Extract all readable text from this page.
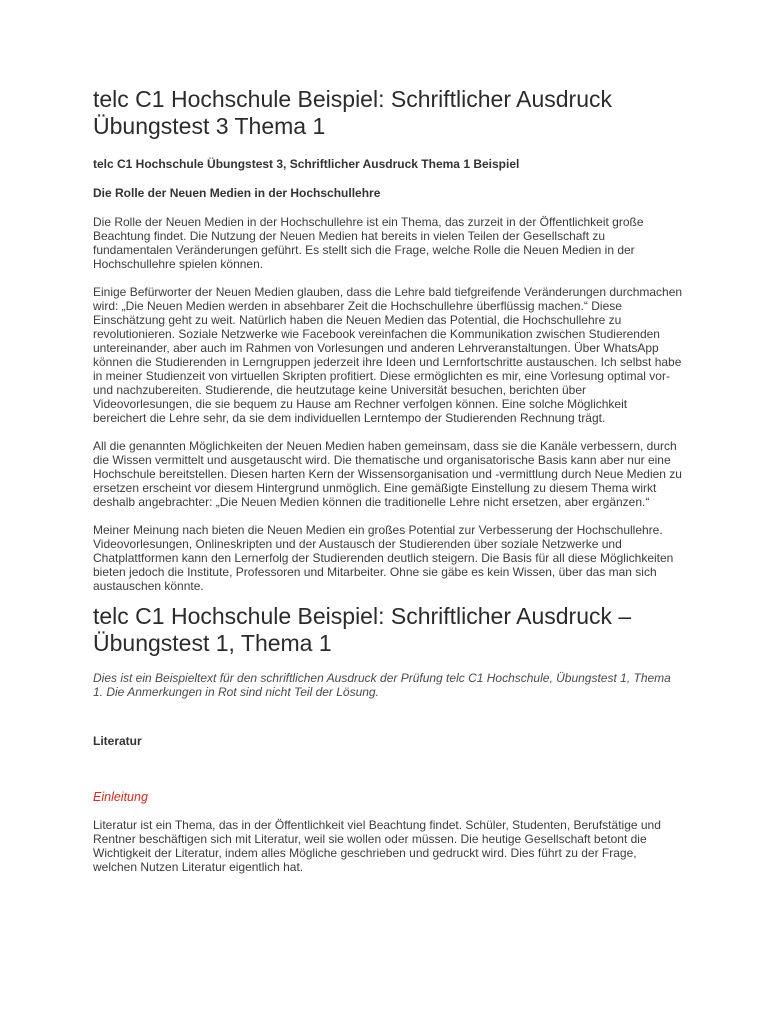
telc C1 Hochschule Beispiel: Schriftlicher Ausdruck Übungstest 3 Thema 1

telc C1 Hochschule Übungstest 3, Schriftlicher Ausdruck Thema 1 Beispiel

Die Rolle der Neuen Medien in der Hochschullehre

Die Rolle der Neuen Medien in der Hochschullehre ist ein Thema, das zurzeit in der Öffentlichkeit große Beachtung findet. Die Nutzung der Neuen Medien hat bereits in vielen Teilen der Gesellschaft zu fundamentalen Veränderungen geführt. Es stellt sich die Frage, welche Rolle die Neuen Medien in der Hochschullehre spielen können.

Einige Befürworter der Neuen Medien glauben, dass die Lehre bald tiefgreifende Veränderungen durchmachen wird: „Die Neuen Medien werden in absehbarer Zeit die Hochschullehre überflüssig machen.“ Diese Einschätzung geht zu weit. Natürlich haben die Neuen Medien das Potential, die Hochschullehre zu revolutionieren. Soziale Netzwerke wie Facebook vereinfachen die Kommunikation zwischen Studierenden untereinander, aber auch im Rahmen von Vorlesungen und anderen Lehrveranstaltungen. Über WhatsApp können die Studierenden in Lerngruppen jederzeit ihre Ideen und Lernfortschritte austauschen. Ich selbst habe in meiner Studienzeit von virtuellen Skripten profitiert. Diese ermöglichten es mir, eine Vorlesung optimal vor- und nachzubereiten. Studierende, die heutzutage keine Universität besuchen, berichten über Videovorlesungen, die sie bequem zu Hause am Rechner verfolgen können. Eine solche Möglichkeit bereichert die Lehre sehr, da sie dem individuellen Lerntempo der Studierenden Rechnung trägt.

All die genannten Möglichkeiten der Neuen Medien haben gemeinsam, dass sie die Kanäle verbessern, durch die Wissen vermittelt und ausgetauscht wird. Die thematische und organisatorische Basis kann aber nur eine Hochschule bereitstellen. Diesen harten Kern der Wissensorganisation und -vermittlung durch Neue Medien zu ersetzen erscheint vor diesem Hintergrund unmöglich. Eine gemäßigte Einstellung zu diesem Thema wirkt deshalb angebrachter: „Die Neuen Medien können die traditionelle Lehre nicht ersetzen, aber ergänzen.“

Meiner Meinung nach bieten die Neuen Medien ein großes Potential zur Verbesserung der Hochschullehre. Videovorlesungen, Onlineskripten und der Austausch der Studierenden über soziale Netzwerke und Chatplattformen kann den Lernerfolg der Studierenden deutlich steigern. Die Basis für all diese Möglichkeiten bieten jedoch die Institute, Professoren und Mitarbeiter. Ohne sie gäbe es kein Wissen, über das man sich austauschen könnte.

telc C1 Hochschule Beispiel: Schriftlicher Ausdruck – Übungstest 1, Thema 1

Dies ist ein Beispieltext für den schriftlichen Ausdruck der Prüfung telc C1 Hochschule, Übungstest 1, Thema 1. Die Anmerkungen in Rot sind nicht Teil der Lösung.

Literatur

Einleitung

Literatur ist ein Thema, das in der Öffentlichkeit viel Beachtung findet. Schüler, Studenten, Berufstätige und Rentner beschäftigen sich mit Literatur, weil sie wollen oder müssen. Die heutige Gesellschaft betont die Wichtigkeit der Literatur, indem alles Mögliche geschrieben und gedruckt wird. Dies führt zu der Frage, welchen Nutzen Literatur eigentlich hat.
